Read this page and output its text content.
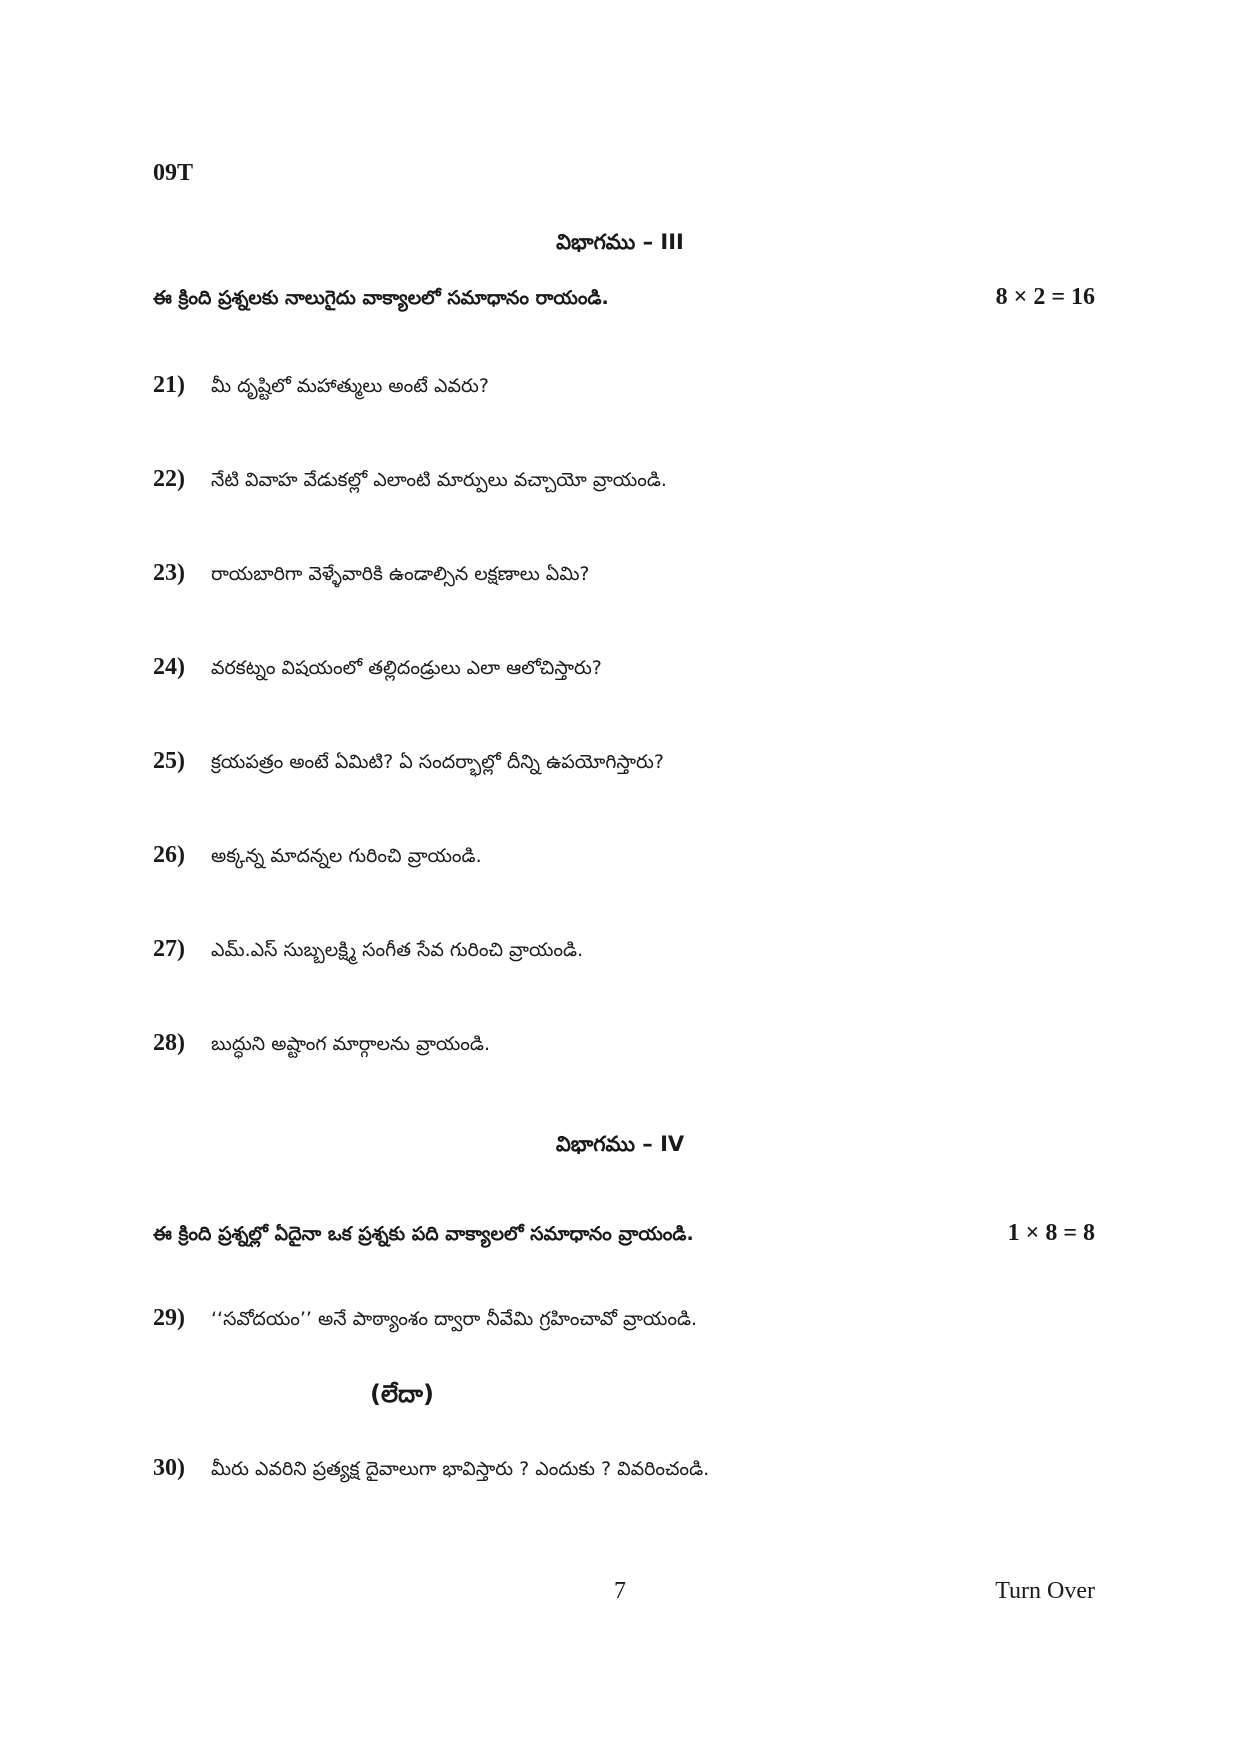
09T
విభాగము – III
ఈ క్రింది ప్రశ్నలకు నాలుగైదు వాక్యాలలో సమాధానం రాయండి.	8 × 2 = 16
21)	మీ దృష్టిలో మహాత్ములు అంటే ఎవరు?
22)	నేటి వివాహ వేడుకల్లో ఎలాంటి మార్పులు వచ్చాయో వ్రాయండి.
23)	రాయబారిగా వెళ్ళేవారికి ఉండాల్సిన లక్షణాలు ఏమి?
24)	వరకట్నం విషయంలో తల్లిదండ్రులు ఎలా ఆలోచిస్తారు?
25)	క్రయపత్రం అంటే ఏమిటి? ఏ సందర్భాల్లో దీన్ని ఉపయోగిస్తారు?
26)	అక్కన్న మాదన్నల గురించి వ్రాయండి.
27)	ఎమ్.ఎస్ సుబ్బలక్ష్మి సంగీత సేవ గురించి వ్రాయండి.
28)	బుద్ధుని అష్టాంగ మార్గాలను వ్రాయండి.
విభాగము – IV
ఈ క్రింది ప్రశ్నల్లో ఏదైనా ఒక ప్రశ్నకు పది వాక్యాలలో సమాధానం వ్రాయండి.	1 × 8 = 8
29)	‘‘సవోదయం’’ అనే పాఠ్యాంశం ద్వారా నీవేమి గ్రహించావో వ్రాయండి.
(లేదా)
30)	మీరు ఎవరిని ప్రత్యక్ష దైవాలుగా భావిస్తారు ? ఎందుకు ? వివరించండి.
7	Turn Over
